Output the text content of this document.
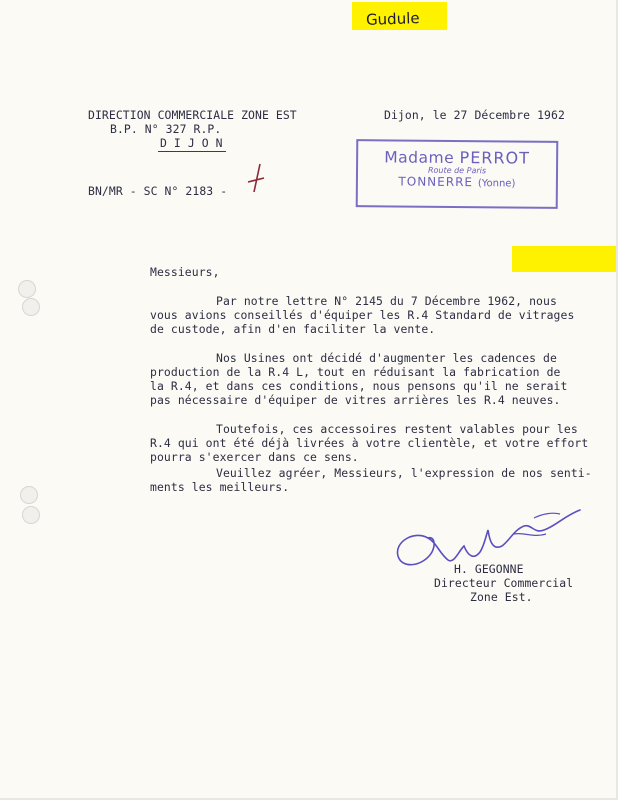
Gudule
DIRECTION COMMERCIALE ZONE EST
B.P. N° 327 R.P.
D I J O N
Dijon, le 27 Décembre 1962
BN/MR - SC N° 2183 -
Madame PERROT
Route de Paris
TONNERRE (Yonne)
Messieurs,
Par notre lettre N° 2145 du 7 Décembre 1962, nous
vous avions conseillés d'équiper les R.4 Standard de vitrages
de custode, afin d'en faciliter la vente.
Nos Usines ont décidé d'augmenter les cadences de
production de la R.4 L, tout en réduisant la fabrication de
la R.4, et dans ces conditions, nous pensons qu'il ne serait
pas nécessaire d'équiper de vitres arrières les R.4 neuves.
Toutefois, ces accessoires restent valables pour les
R.4 qui ont été déjà livrées à votre clientèle, et votre effort
pourra s'exercer dans ce sens.
Veuillez agréer, Messieurs, l'expression de nos senti-
ments les meilleurs.
H. GEGONNE
Directeur Commercial
Zone Est.
